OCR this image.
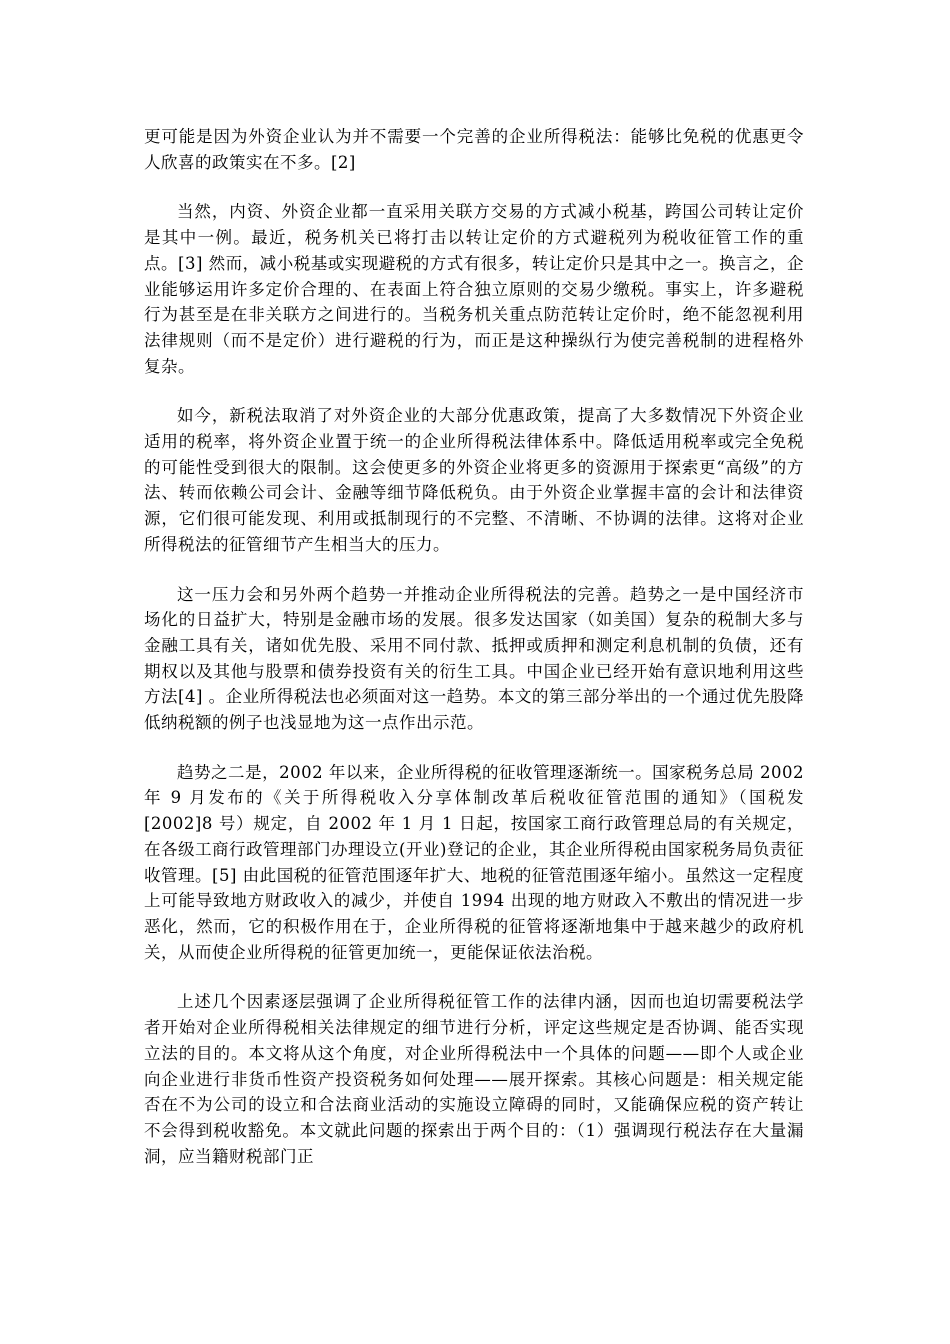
更可能是因为外资企业认为并不需要一个完善的企业所得税法：能够比免税的优惠更令人欣喜的政策实在不多。[2]

当然，内资、外资企业都一直采用关联方交易的方式减小税基，跨国公司转让定价是其中一例。最近，税务机关已将打击以转让定价的方式避税列为税收征管工作的重点。[3] 然而，减小税基或实现避税的方式有很多，转让定价只是其中之一。换言之，企业能够运用许多定价合理的、在表面上符合独立原则的交易少缴税。事实上，许多避税行为甚至是在非关联方之间进行的。当税务机关重点防范转让定价时，绝不能忽视利用法律规则（而不是定价）进行避税的行为，而正是这种操纵行为使完善税制的进程格外复杂。

如今，新税法取消了对外资企业的大部分优惠政策，提高了大多数情况下外资企业适用的税率，将外资企业置于统一的企业所得税法律体系中。降低适用税率或完全免税的可能性受到很大的限制。这会使更多的外资企业将更多的资源用于探索更“高级”的方法、转而依赖公司会计、金融等细节降低税负。由于外资企业掌握丰富的会计和法律资源，它们很可能发现、利用或抵制现行的不完整、不清晰、不协调的法律。这将对企业所得税法的征管细节产生相当大的压力。

这一压力会和另外两个趋势一并推动企业所得税法的完善。趋势之一是中国经济市场化的日益扩大，特别是金融市场的发展。很多发达国家（如美国）复杂的税制大多与金融工具有关，诸如优先股、采用不同付款、抵押或质押和测定利息机制的负债，还有期权以及其他与股票和债券投资有关的衍生工具。中国企业已经开始有意识地利用这些方法[4] 。企业所得税法也必须面对这一趋势。本文的第三部分举出的一个通过优先股降低纳税额的例子也浅显地为这一点作出示范。

趋势之二是，2002 年以来，企业所得税的征收管理逐渐统一。国家税务总局 2002 年 9 月发布的《关于所得税收入分享体制改革后税收征管范围的通知》（国税发[2002]8 号）规定，自 2002 年 1 月 1 日起，按国家工商行政管理总局的有关规定，在各级工商行政管理部门办理设立(开业)登记的企业，其企业所得税由国家税务局负责征收管理。[5] 由此国税的征管范围逐年扩大、地税的征管范围逐年缩小。虽然这一定程度上可能导致地方财政收入的减少，并使自 1994 出现的地方财政入不敷出的情况进一步恶化，然而，它的积极作用在于，企业所得税的征管将逐渐地集中于越来越少的政府机关，从而使企业所得税的征管更加统一，更能保证依法治税。

上述几个因素逐层强调了企业所得税征管工作的法律内涵，因而也迫切需要税法学者开始对企业所得税相关法律规定的细节进行分析，评定这些规定是否协调、能否实现立法的目的。本文将从这个角度，对企业所得税法中一个具体的问题——即个人或企业向企业进行非货币性资产投资税务如何处理——展开探索。其核心问题是：相关规定能否在不为公司的设立和合法商业活动的实施设立障碍的同时，又能确保应税的资产转让不会得到税收豁免。本文就此问题的探索出于两个目的：（1）强调现行税法存在大量漏洞，应当籍财税部门正
